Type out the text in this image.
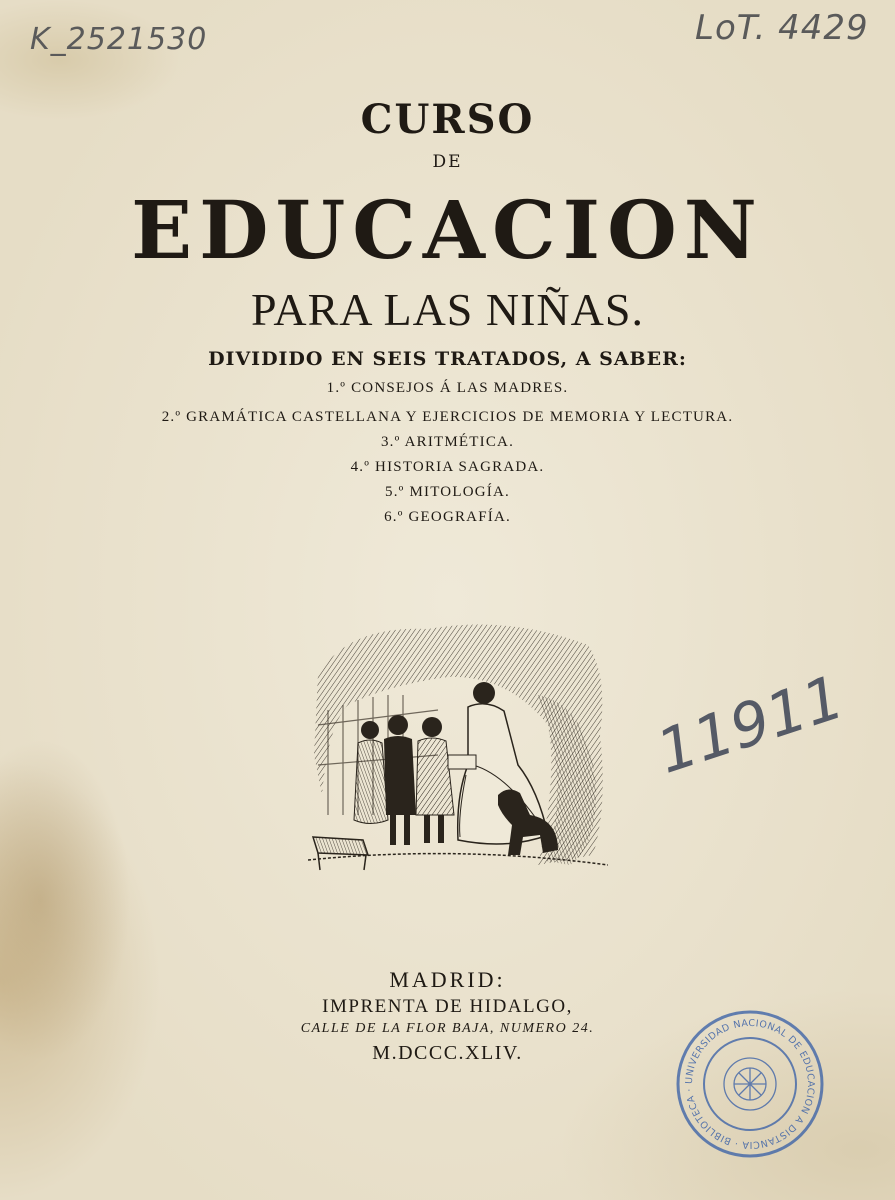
K_2521530	LoT. 4429
11911
CURSO
DE
EDUCACION
PARA LAS NIÑAS.
DIVIDIDO EN SEIS TRATADOS, A SABER:
1.º CONSEJOS Á LAS MADRES.
2.º GRAMÁTICA CASTELLANA Y EJERCICIOS DE MEMORIA Y LECTURA.
3.º ARITMÉTICA.
4.º HISTORIA SAGRADA.
5.º MITOLOGÍA.
6.º GEOGRAFÍA.
MADRID:
IMPRENTA DE HIDALGO,
CALLE DE LA FLOR BAJA, NUMERO 24.
M.DCCC.XLIV.
UNIVERSIDAD NACIONAL DE EDUCACION A DISTANCIA · BIBLIOTECA ·
